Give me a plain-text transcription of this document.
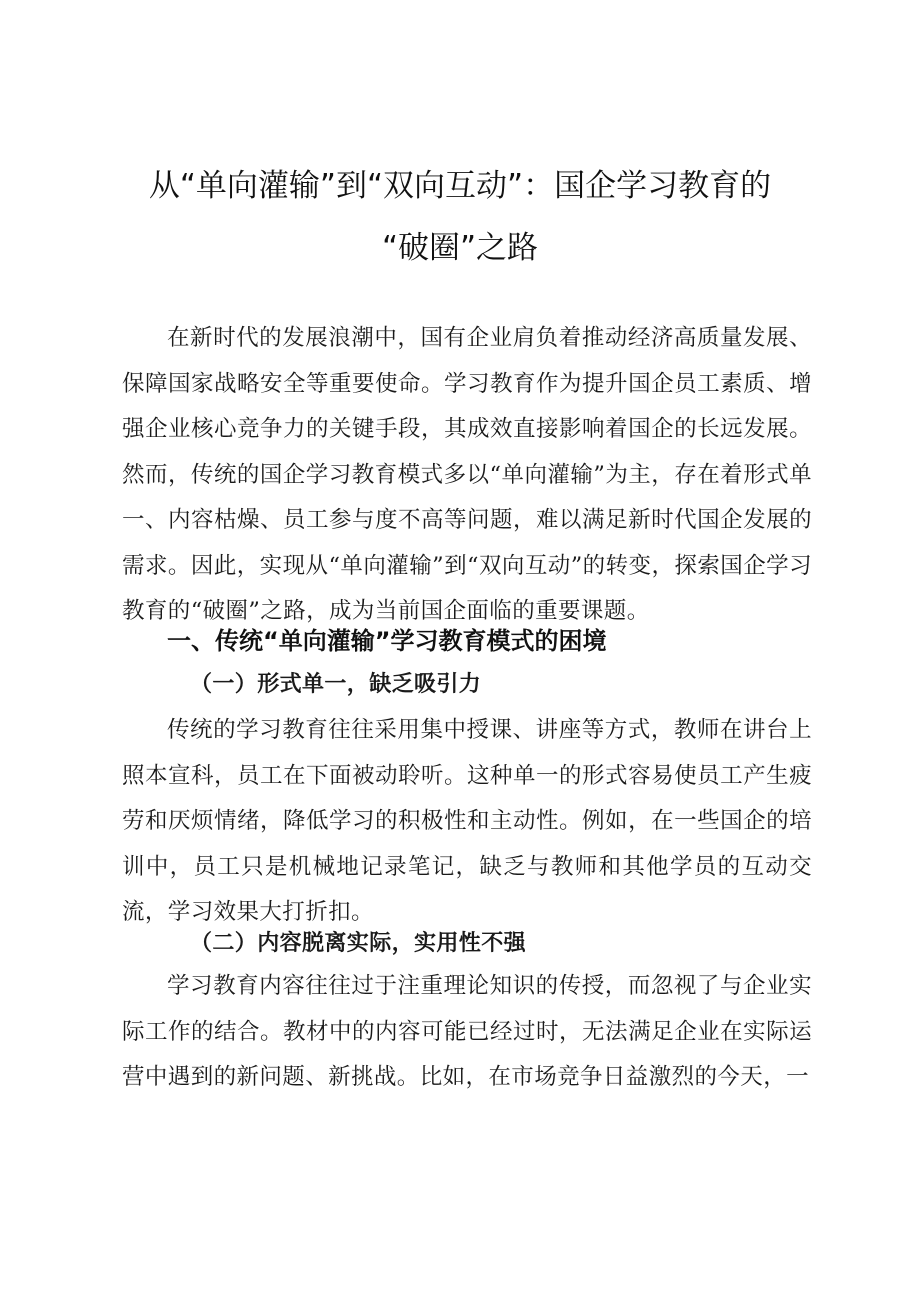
从“单向灌输”到“双向互动”：国企学习教育的
“破圈”之路

在新时代的发展浪潮中，国有企业肩负着推动经济高质量发展、保障国家战略安全等重要使命。学习教育作为提升国企员工素质、增强企业核心竞争力的关键手段，其成效直接影响着国企的长远发展。然而，传统的国企学习教育模式多以“单向灌输”为主，存在着形式单一、内容枯燥、员工参与度不高等问题，难以满足新时代国企发展的需求。因此，实现从“单向灌输”到“双向互动”的转变，探索国企学习教育的“破圈”之路，成为当前国企面临的重要课题。

一、传统“单向灌输”学习教育模式的困境
（一）形式单一，缺乏吸引力

传统的学习教育往往采用集中授课、讲座等方式，教师在讲台上照本宣科，员工在下面被动聆听。这种单一的形式容易使员工产生疲劳和厌烦情绪，降低学习的积极性和主动性。例如，在一些国企的培训中，员工只是机械地记录笔记，缺乏与教师和其他学员的互动交流，学习效果大打折扣。

（二）内容脱离实际，实用性不强

学习教育内容往往过于注重理论知识的传授，而忽视了与企业实际工作的结合。教材中的内容可能已经过时，无法满足企业在实际运营中遇到的新问题、新挑战。比如，在市场竞争日益激烈的今天，一
